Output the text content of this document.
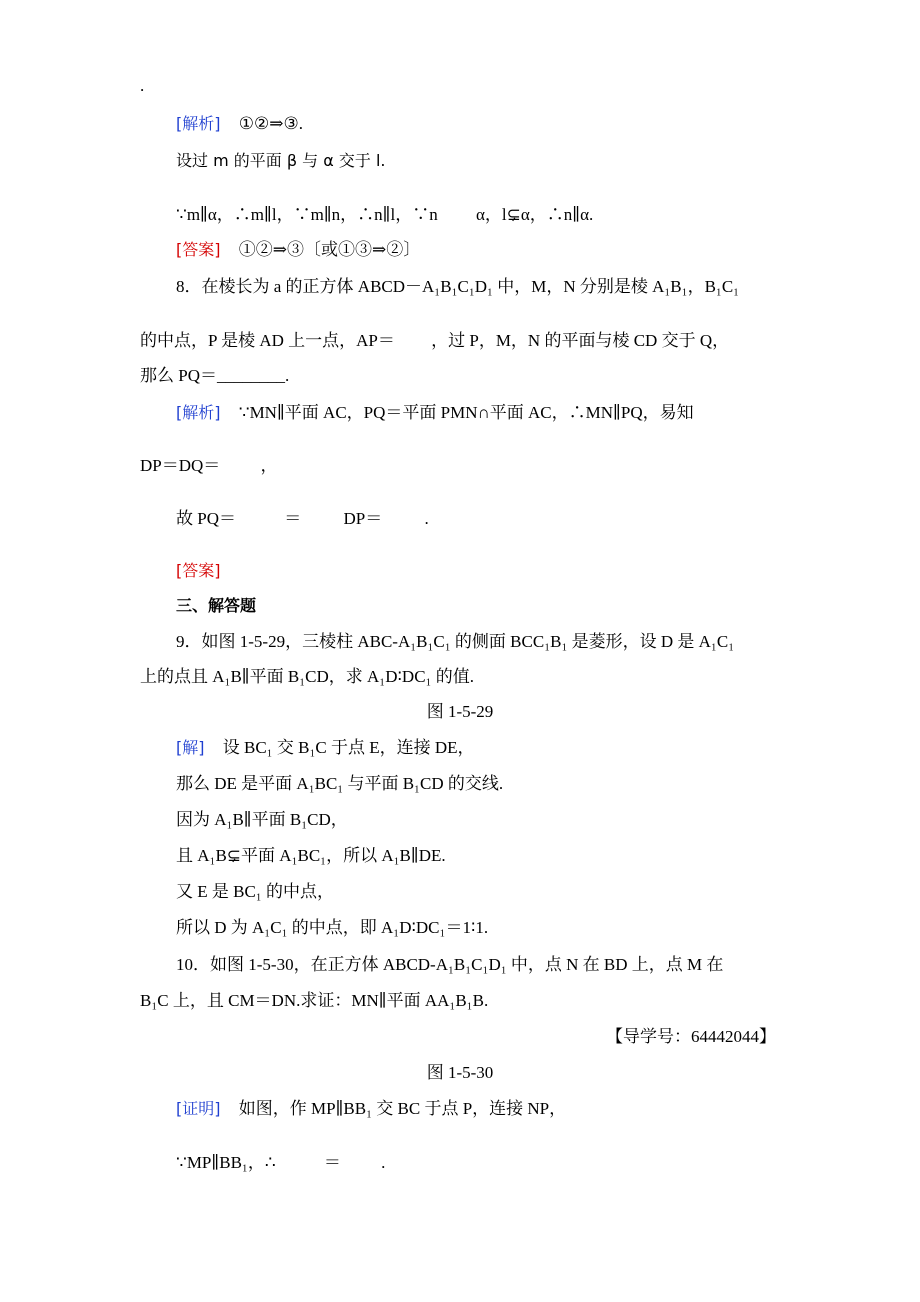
.
[解析] ①②⇒③.
设过 m 的平面 β 与 α 交于 l.
∵m∥α，∴m∥l，∵m∥n，∴n∥l，∵n α，l⊊α，∴n∥α.
[答案] ①②⇒③〔或①③⇒②〕
8．在棱长为 a 的正方体 ABCD－A₁B₁C₁D₁ 中，M，N 分别是棱 A₁B₁，B₁C₁
的中点，P 是棱 AD 上一点，AP＝ ，过 P，M，N 的平面与棱 CD 交于 Q，
那么 PQ＝________.
[解析] ∵MN∥平面 AC，PQ＝平面 PMN∩平面 AC，∴MN∥PQ，易知
DP＝DQ＝ ，
故 PQ＝	＝ DP＝ .
[答案]
三、解答题
9．如图 1-5-29，三棱柱 ABC-A₁B₁C₁ 的侧面 BCC₁B₁ 是菱形，设 D 是 A₁C₁
上的点且 A₁B∥平面 B₁CD，求 A₁D∶DC₁ 的值.
图 1-5-29
[解] 设 BC₁ 交 B₁C 于点 E，连接 DE，
那么 DE 是平面 A₁BC₁ 与平面 B₁CD 的交线.
因为 A₁B∥平面 B₁CD，
且 A₁B⊊平面 A₁BC₁，所以 A₁B∥DE.
又 E 是 BC₁ 的中点，
所以 D 为 A₁C₁ 的中点，即 A₁D∶DC₁＝1∶1.
10．如图 1-5-30，在正方体 ABCD-A₁B₁C₁D₁ 中，点 N 在 BD 上，点 M 在
B₁C 上，且 CM＝DN.求证：MN∥平面 AA₁B₁B.
【导学号：64442044】
图 1-5-30
[证明] 如图，作 MP∥BB₁ 交 BC 于点 P，连接 NP，
∵MP∥BB₁，∴	＝ .
